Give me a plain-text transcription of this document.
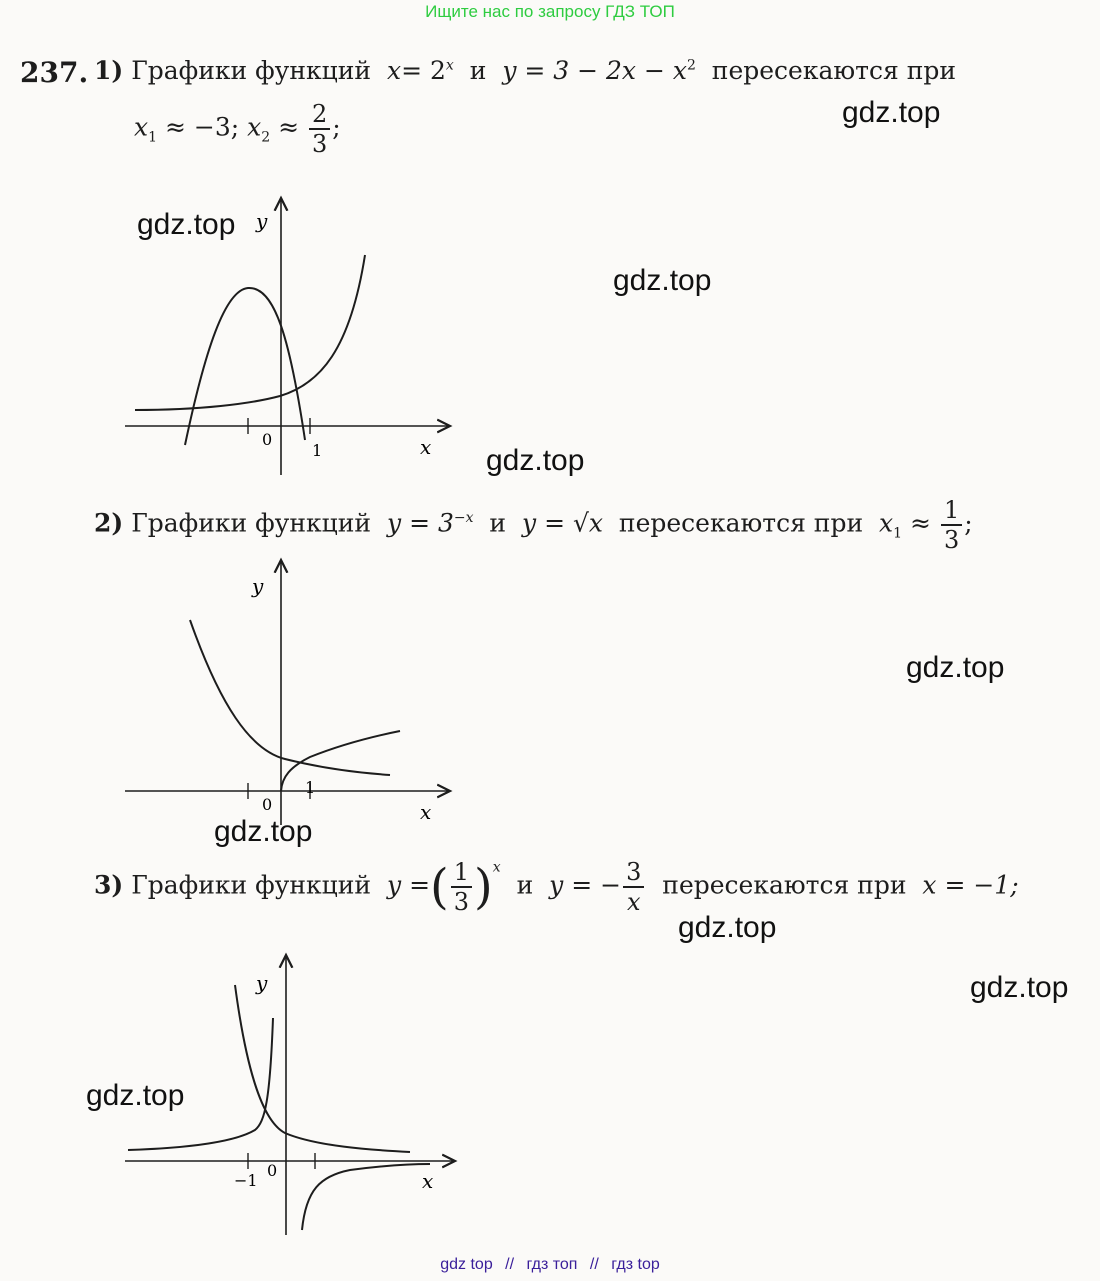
Ищите нас по запросу ГДЗ ТОП
237. 1) Графики функций $x= 2^x$ и $y = 3 - 2x - x^2$ пересекаются при
$x_1 \approx -3$; $x_2 \approx \frac{2}{3}$ ;
y
x
0
1
2) Графики функций $y = 3^{-x}$ и y = √x пересекаются при $x_1 \approx \frac{1}{3}$ ;
y
x
0
1
3) Графики функций y =( $\frac{1}{3} )^x$  и y = − $\frac{3}{x}$ пересекаются при x = −1;
y
x
0
−1
gdz.top
gdz.top
gdz.top
gdz.top
gdz.top
gdz.top
gdz.top
gdz.top
gdz.top
gdz top // гдз топ // гдз top
